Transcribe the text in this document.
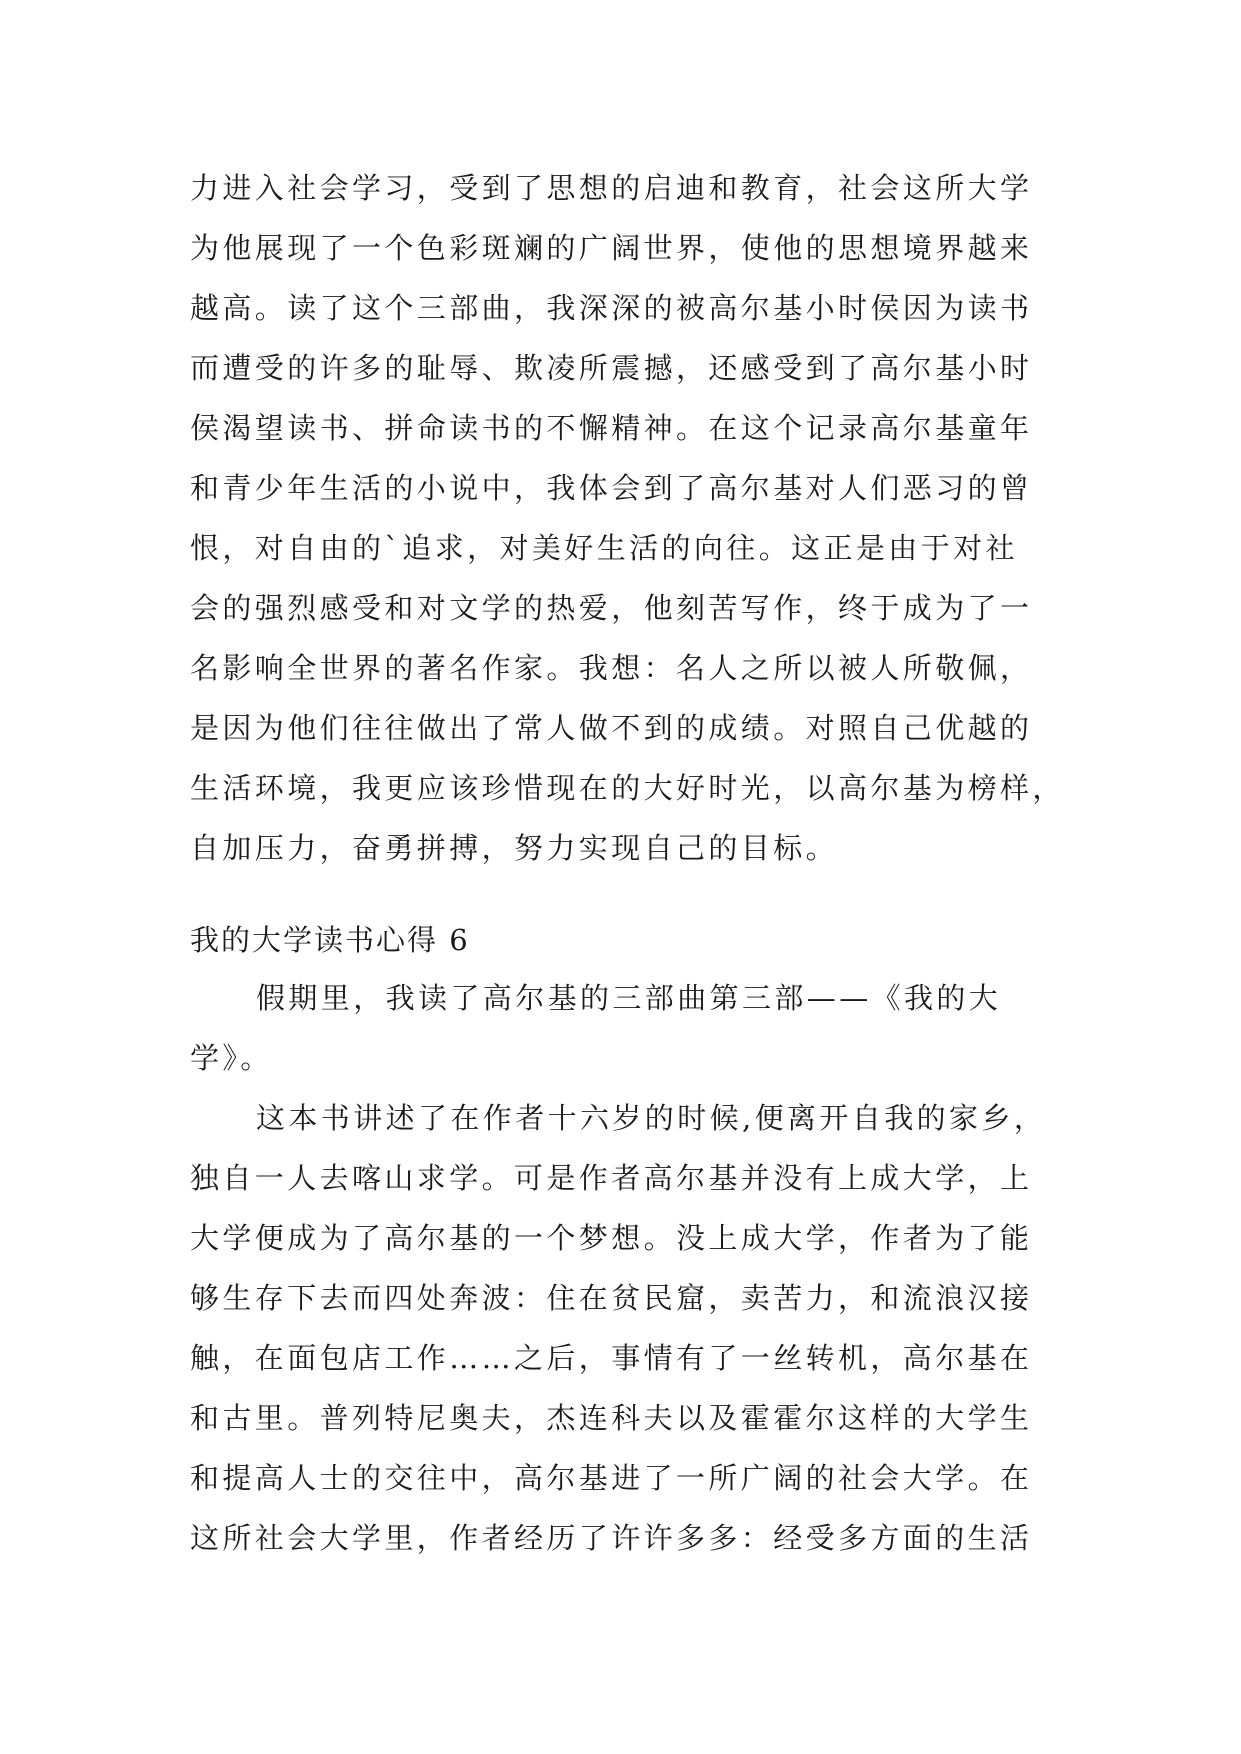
力进入社会学习，受到了思想的启迪和教育，社会这所大学
为他展现了一个色彩斑斓的广阔世界，使他的思想境界越来
越高。读了这个三部曲，我深深的被高尔基小时侯因为读书
而遭受的许多的耻辱、欺凌所震撼，还感受到了高尔基小时
侯渴望读书、拼命读书的不懈精神。在这个记录高尔基童年
和青少年生活的小说中，我体会到了高尔基对人们恶习的曾
恨，对自由的`追求，对美好生活的向往。这正是由于对社
会的强烈感受和对文学的热爱，他刻苦写作，终于成为了一
名影响全世界的著名作家。我想：名人之所以被人所敬佩，
是因为他们往往做出了常人做不到的成绩。对照自己优越的
生活环境，我更应该珍惜现在的大好时光，以高尔基为榜样，
自加压力，奋勇拼搏，努力实现自己的目标。
我的大学读书心得 6
假期里，我读了高尔基的三部曲第三部——《我的大
学》。
这本书讲述了在作者十六岁的时候,便离开自我的家乡，
独自一人去喀山求学。可是作者高尔基并没有上成大学，上
大学便成为了高尔基的一个梦想。没上成大学，作者为了能
够生存下去而四处奔波：住在贫民窟，卖苦力，和流浪汉接
触，在面包店工作……之后，事情有了一丝转机，高尔基在
和古里。普列特尼奥夫，杰连科夫以及霍霍尔这样的大学生
和提高人士的交往中，高尔基进了一所广阔的社会大学。在
这所社会大学里，作者经历了许许多多：经受多方面的生活
